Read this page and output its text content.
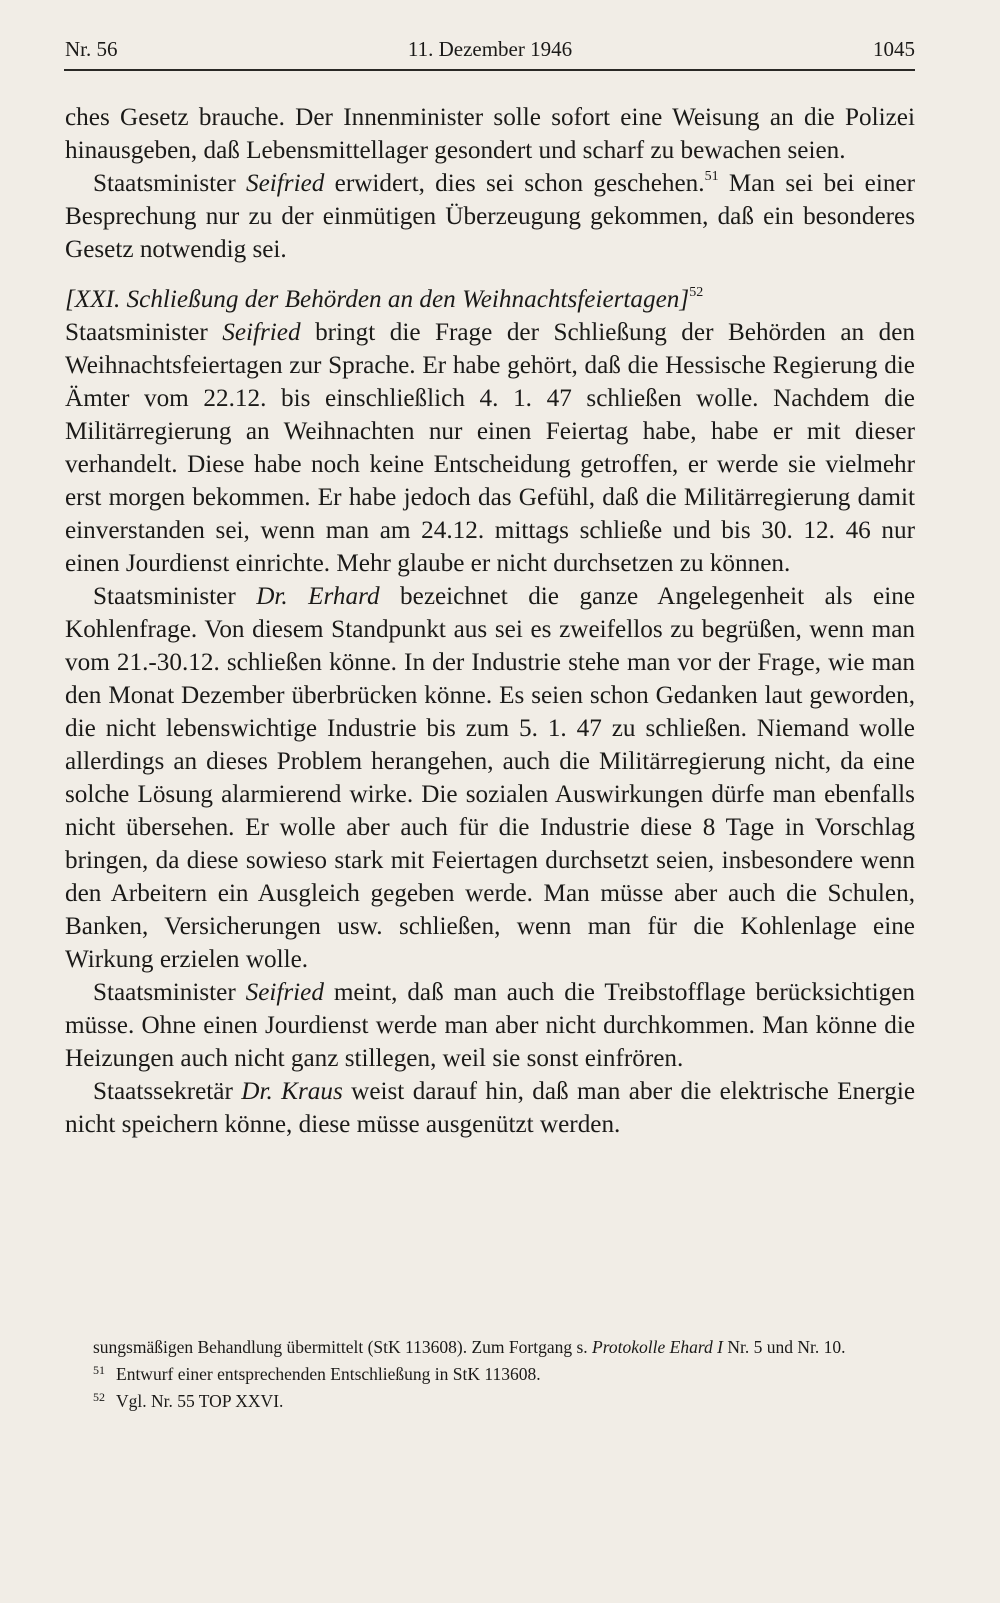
Nr. 56	11. Dezember 1946	1045

ches Gesetz brauche. Der Innenminister solle sofort eine Weisung an die Polizei hinausgeben, daß Lebensmittellager gesondert und scharf zu bewachen seien.

Staatsminister Seifried erwidert, dies sei schon geschehen.$^{51}$ Man sei bei einer Besprechung nur zu der einmütigen Überzeugung gekommen, daß ein besonderes Gesetz notwendig sei.

[XXI. Schließung der Behörden an den Weihnachtsfeiertagen]$^{52}$

Staatsminister Seifried bringt die Frage der Schließung der Behörden an den Weihnachtsfeiertagen zur Sprache. Er habe gehört, daß die Hessische Regierung die Ämter vom 22.12. bis einschließlich 4. 1. 47 schließen wolle. Nachdem die Militärregierung an Weihnachten nur einen Feiertag habe, habe er mit dieser verhandelt. Diese habe noch keine Entscheidung getroffen, er werde sie vielmehr erst morgen bekommen. Er habe jedoch das Gefühl, daß die Militärregierung damit einverstanden sei, wenn man am 24.12. mittags schließe und bis 30. 12. 46 nur einen Jourdienst einrichte. Mehr glaube er nicht durchsetzen zu können.

Staatsminister Dr. Erhard bezeichnet die ganze Angelegenheit als eine Kohlenfrage. Von diesem Standpunkt aus sei es zweifellos zu begrüßen, wenn man vom 21.-30.12. schließen könne. In der Industrie stehe man vor der Frage, wie man den Monat Dezember überbrücken könne. Es seien schon Gedanken laut geworden, die nicht lebenswichtige Industrie bis zum 5. 1. 47 zu schließen. Niemand wolle allerdings an dieses Problem herangehen, auch die Militärregierung nicht, da eine solche Lösung alarmierend wirke. Die sozialen Auswirkungen dürfe man ebenfalls nicht übersehen. Er wolle aber auch für die Industrie diese 8 Tage in Vorschlag bringen, da diese sowieso stark mit Feiertagen durchsetzt seien, insbesondere wenn den Arbeitern ein Ausgleich gegeben werde. Man müsse aber auch die Schulen, Banken, Versicherungen usw. schließen, wenn man für die Kohlenlage eine Wirkung erzielen wolle.

Staatsminister Seifried meint, daß man auch die Treibstofflage berücksichtigen müsse. Ohne einen Jourdienst werde man aber nicht durchkommen. Man könne die Heizungen auch nicht ganz stillegen, weil sie sonst einfrören.

Staatssekretär Dr. Kraus weist darauf hin, daß man aber die elektrische Energie nicht speichern könne, diese müsse ausgenützt werden.

sungsmäßigen Behandlung übermittelt (StK 113608). Zum Fortgang s. Protokolle Ehard I Nr. 5 und Nr. 10.

51 Entwurf einer entsprechenden Entschließung in StK 113608.

52 Vgl. Nr. 55 TOP XXVI.
